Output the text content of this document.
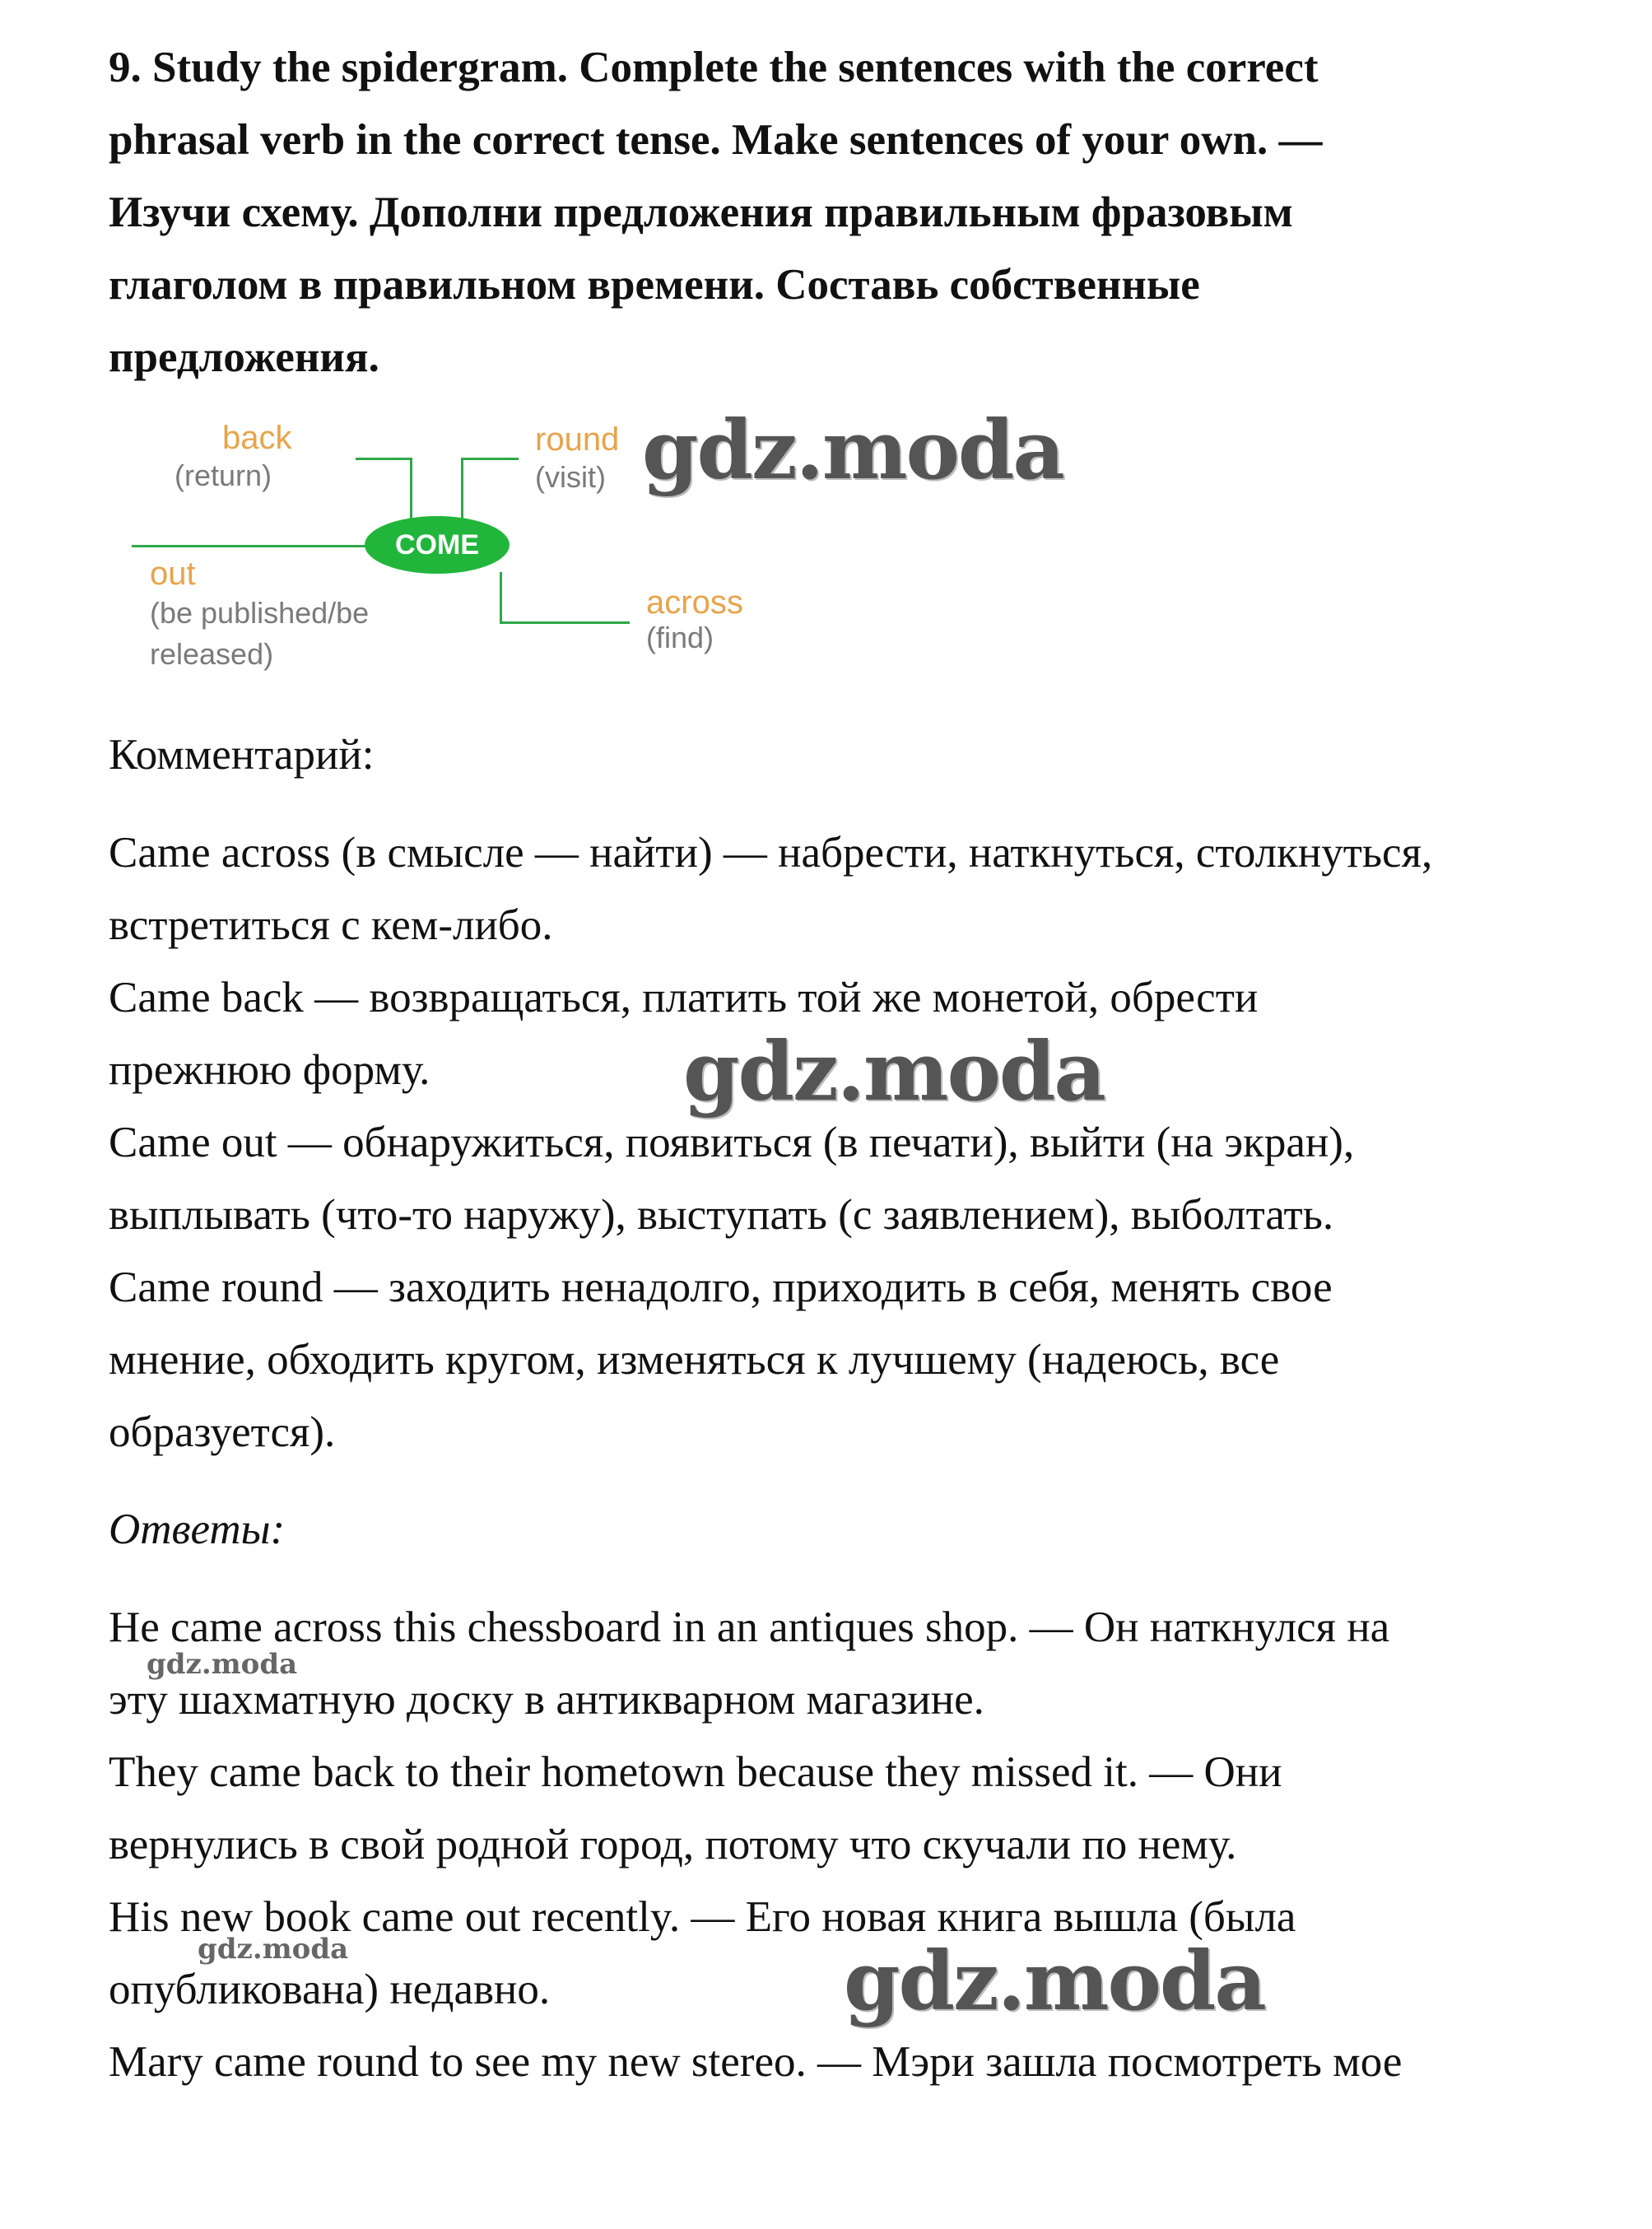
9. Study the spidergram. Complete the sentences with the correct
phrasal verb in the correct tense. Make sentences of your own. —
Изучи схему. Дополни предложения правильным фразовым
глаголом в правильном времени. Составь собственные
предложения.
COME
back
(return)
round
(visit)
out
(be published/be
released)
across
(find)
Комментарий:
Came across (в смысле — найти) — набрести, наткнуться, столкнуться,
встретиться с кем-либо.
Came back — возвращаться, платить той же монетой, обрести
прежнюю форму.
Came out — обнаружиться, появиться (в печати), выйти (на экран),
выплывать (что-то наружу), выступать (с заявлением), выболтать.
Came round — заходить ненадолго, приходить в себя, менять свое
мнение, обходить кругом, изменяться к лучшему (надеюсь, все
образуется).
Ответы:
He came across this chessboard in an antiques shop. — Он наткнулся на
эту шахматную доску в антикварном магазине.
They came back to their hometown because they missed it. — Они
вернулись в свой родной город, потому что скучали по нему.
His new book came out recently. — Его новая книга вышла (была
опубликована) недавно.
Mary came round to see my new stereo. — Мэри зашла посмотреть мое
gdz.moda
gdz.moda
gdz.moda
gdz.moda	gdz.moda
